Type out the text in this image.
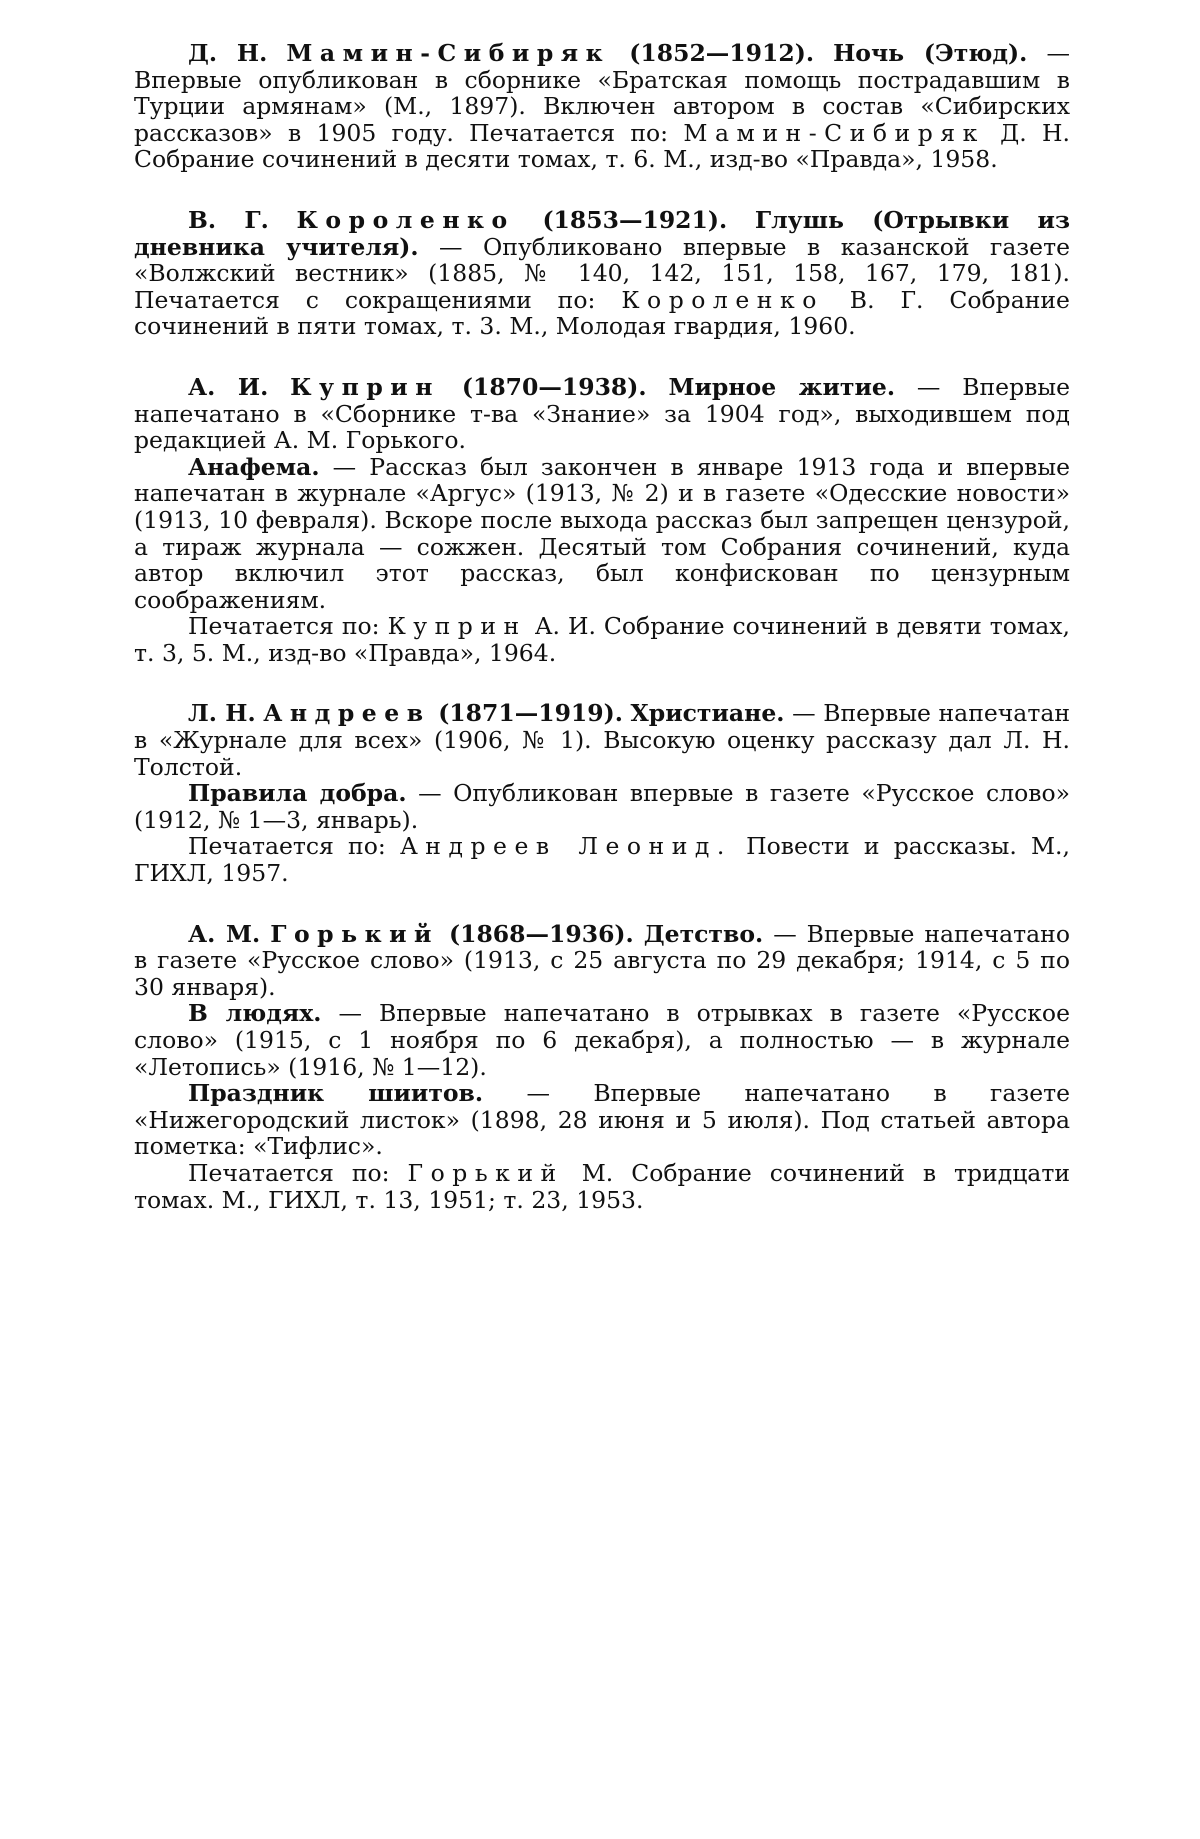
Д. Н. Мамин-Сибиряк (1852—1912). Ночь (Этюд). — Впервые опубликован в сборнике «Братская помощь пострадавшим в Турции армянам» (М., 1897). Включен автором в состав «Сибирских рассказов» в 1905 году. Печатается по: Мамин-Сибиряк Д. Н. Собрание сочинений в десяти томах, т. 6. М., изд-во «Правда», 1958.

В. Г. Короленко (1853—1921). Глушь (Отрывки из дневника учителя). — Опубликовано впервые в казанской газете «Волжский вестник» (1885, № 140, 142, 151, 158, 167, 179, 181). Печатается с сокращениями по: Короленко В. Г. Собрание сочинений в пяти томах, т. 3. М., Молодая гвардия, 1960.

А. И. Куприн (1870—1938). Мирное житие. — Впервые напечатано в «Сборнике т-ва «Знание» за 1904 год», выходившем под редакцией А. М. Горького.

Анафема. — Рассказ был закончен в январе 1913 года и впервые напечатан в журнале «Аргус» (1913, № 2) и в газете «Одесские новости» (1913, 10 февраля). Вскоре после выхода рассказ был запрещен цензурой, а тираж журнала — сожжен. Десятый том Собрания сочинений, куда автор включил этот рассказ, был конфискован по цензурным соображениям.

Печатается по: Куприн А. И. Собрание сочинений в девяти томах, т. 3, 5. М., изд-во «Правда», 1964.

Л. Н. Андреев (1871—1919). Христиане. — Впервые напечатан в «Журнале для всех» (1906, № 1). Высокую оценку рассказу дал Л. Н. Толстой.

Правила добра. — Опубликован впервые в газете «Русское слово» (1912, № 1—3, январь).

Печатается по: Андреев Леонид. Повести и рассказы. М., ГИХЛ, 1957.

А. М. Горький (1868—1936). Детство. — Впервые напечатано в газете «Русское слово» (1913, с 25 августа по 29 декабря; 1914, с 5 по 30 января).

В людях. — Впервые напечатано в отрывках в газете «Русское слово» (1915, с 1 ноября по 6 декабря), а полностью — в журнале «Летопись» (1916, № 1—12).

Праздник шиитов. — Впервые напечатано в газете «Нижегородский листок» (1898, 28 июня и 5 июля). Под статьей автора пометка: «Тифлис».

Печатается по: Горький М. Собрание сочинений в тридцати томах. М., ГИХЛ, т. 13, 1951; т. 23, 1953.
